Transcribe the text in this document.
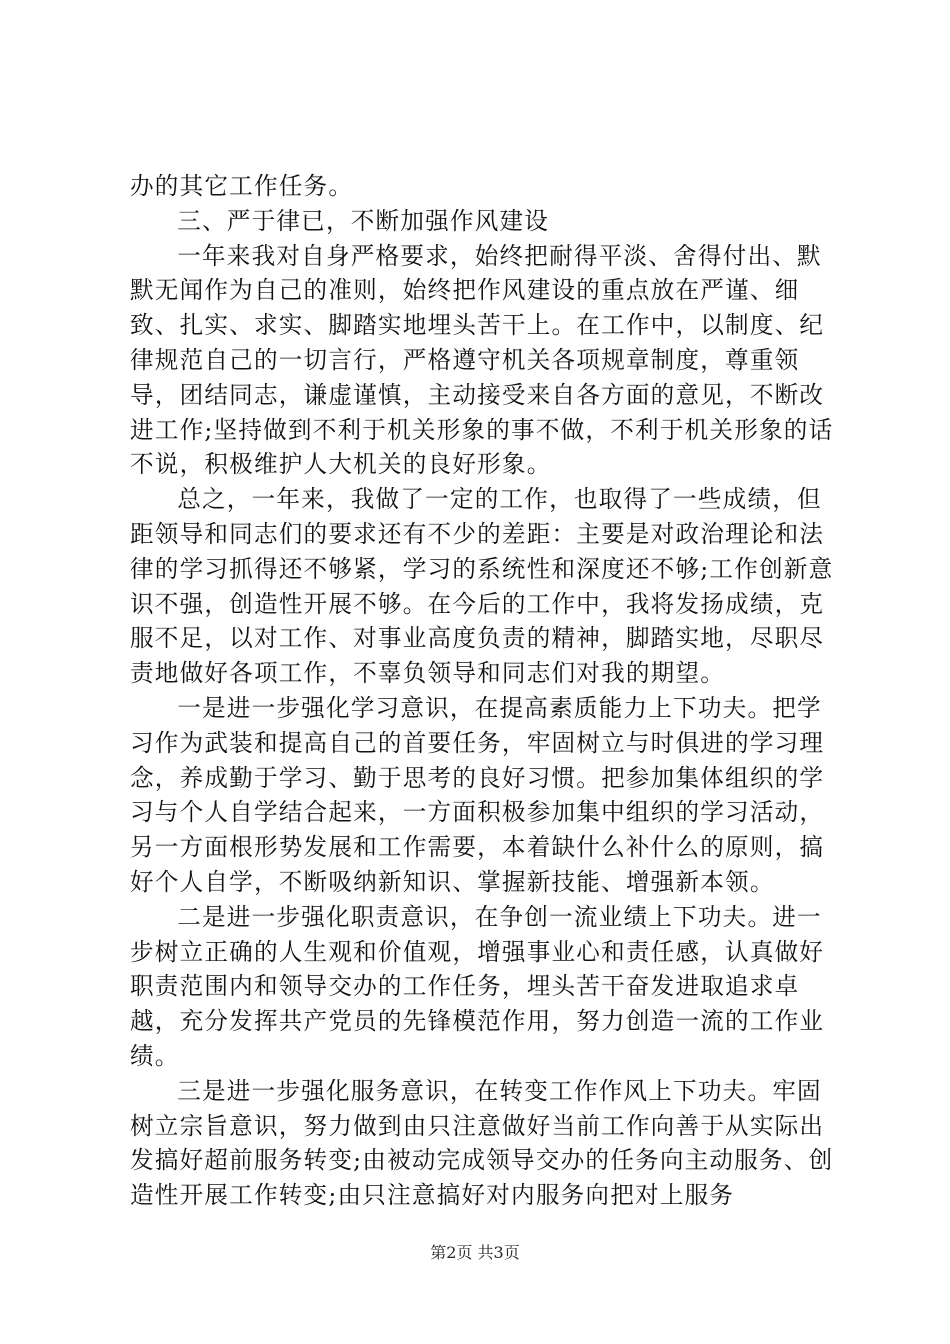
办的其它工作任务。

三、严于律已，不断加强作风建设

一年来我对自身严格要求，始终把耐得平淡、舍得付出、默默无闻作为自己的准则，始终把作风建设的重点放在严谨、细致、扎实、求实、脚踏实地埋头苦干上。在工作中，以制度、纪律规范自己的一切言行，严格遵守机关各项规章制度，尊重领导，团结同志，谦虚谨慎，主动接受来自各方面的意见，不断改进工作;坚持做到不利于机关形象的事不做，不利于机关形象的话不说，积极维护人大机关的良好形象。

总之，一年来，我做了一定的工作，也取得了一些成绩，但距领导和同志们的要求还有不少的差距：主要是对政治理论和法律的学习抓得还不够紧，学习的系统性和深度还不够;工作创新意识不强，创造性开展不够。在今后的工作中，我将发扬成绩，克服不足，以对工作、对事业高度负责的精神，脚踏实地，尽职尽责地做好各项工作，不辜负领导和同志们对我的期望。

一是进一步强化学习意识，在提高素质能力上下功夫。把学习作为武装和提高自己的首要任务，牢固树立与时俱进的学习理念，养成勤于学习、勤于思考的良好习惯。把参加集体组织的学习与个人自学结合起来，一方面积极参加集中组织的学习活动，另一方面根形势发展和工作需要，本着缺什么补什么的原则，搞好个人自学，不断吸纳新知识、掌握新技能、增强新本领。

二是进一步强化职责意识，在争创一流业绩上下功夫。进一步树立正确的人生观和价值观，增强事业心和责任感，认真做好职责范围内和领导交办的工作任务，埋头苦干奋发进取追求卓越，充分发挥共产党员的先锋模范作用，努力创造一流的工作业绩。

三是进一步强化服务意识，在转变工作作风上下功夫。牢固树立宗旨意识，努力做到由只注意做好当前工作向善于从实际出发搞好超前服务转变;由被动完成领导交办的任务向主动服务、创造性开展工作转变;由只注意搞好对内服务向把对上服务

第2页 共3页
